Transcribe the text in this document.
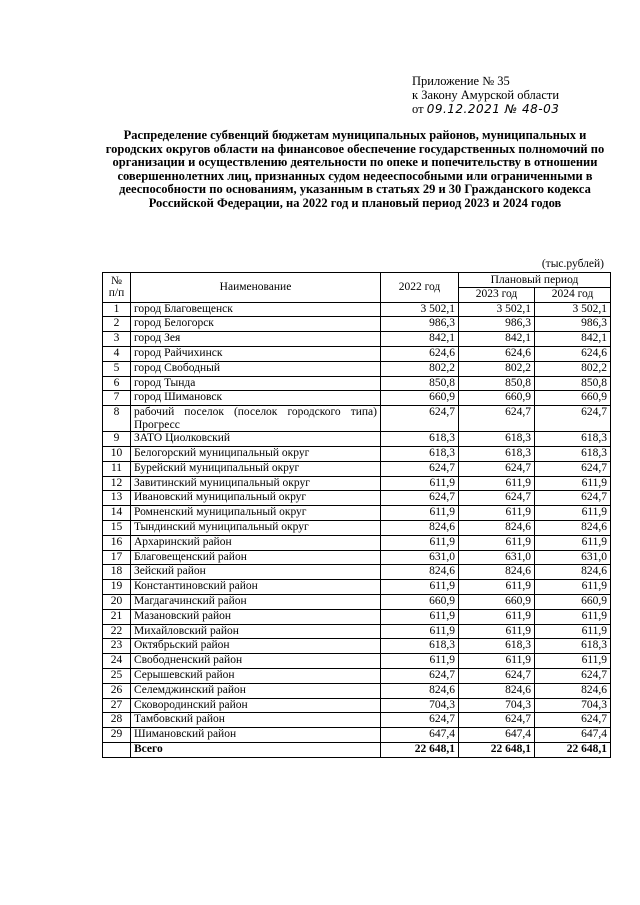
Приложение № 35
к Закону Амурской области
от 09.12.2021 № 48-03
Распределение субвенций бюджетам муниципальных районов, муниципальных и городских округов области на финансовое обеспечение государственных полномочий по организации и осуществлению деятельности по опеке и попечительству в отношении совершеннолетних лиц, признанных судом недееспособными или ограниченными в дееспособности по основаниям, указанным в статьях 29 и 30 Гражданского кодекса Российской Федерации, на 2022 год и плановый период 2023 и 2024 годов
(тыс.рублей)
№ п/п	Наименование	2022 год	Плановый период	
			2023 год	2024 год
1	город Благовещенск	3 502,1	3 502,1	3 502,1
2	город Белогорск	986,3	986,3	986,3
3	город Зея	842,1	842,1	842,1
4	город Райчихинск	624,6	624,6	624,6
5	город Свободный	802,2	802,2	802,2
6	город Тында	850,8	850,8	850,8
7	город Шимановск	660,9	660,9	660,9
8	рабочий поселок (поселок городского типа) Прогресс	624,7	624,7	624,7
9	ЗАТО Циолковский	618,3	618,3	618,3
10	Белогорский муниципальный округ	618,3	618,3	618,3
11	Бурейский муниципальный округ	624,7	624,7	624,7
12	Завитинский муниципальный округ	611,9	611,9	611,9
13	Ивановский муниципальный округ	624,7	624,7	624,7
14	Ромненский муниципальный округ	611,9	611,9	611,9
15	Тындинский муниципальный округ	824,6	824,6	824,6
16	Архаринский район	611,9	611,9	611,9
17	Благовещенский район	631,0	631,0	631,0
18	Зейский район	824,6	824,6	824,6
19	Константиновский район	611,9	611,9	611,9
20	Магдагачинский район	660,9	660,9	660,9
21	Мазановский район	611,9	611,9	611,9
22	Михайловский район	611,9	611,9	611,9
23	Октябрьский район	618,3	618,3	618,3
24	Свободненский район	611,9	611,9	611,9
25	Серышевский район	624,7	624,7	624,7
26	Селемджинский район	824,6	824,6	824,6
27	Сковородинский район	704,3	704,3	704,3
28	Тамбовский район	624,7	624,7	624,7
29	Шимановский район	647,4	647,4	647,4
	Всего	22 648,1	22 648,1	22 648,1
